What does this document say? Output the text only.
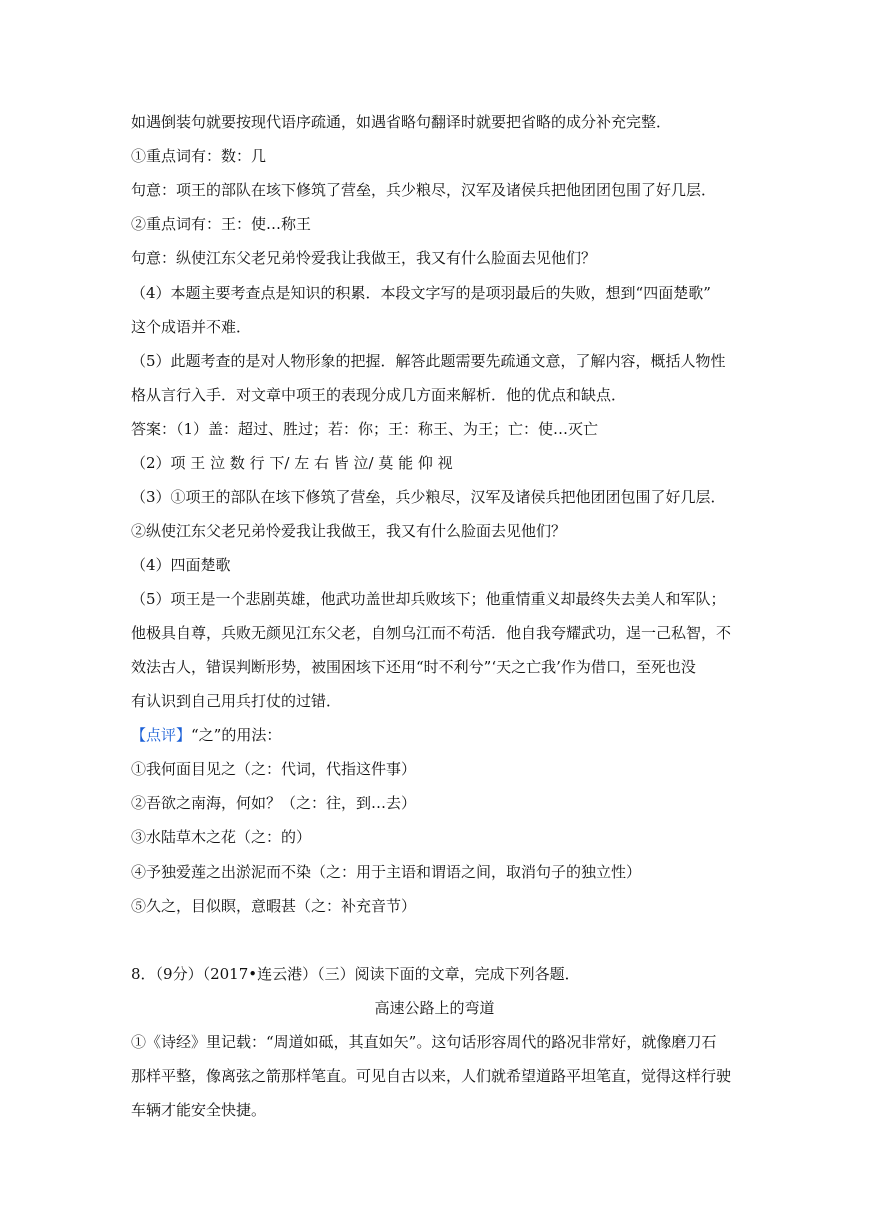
如遇倒装句就要按现代语序疏通，如遇省略句翻译时就要把省略的成分补充完整．
①重点词有：数：几
句意：项王的部队在垓下修筑了营垒，兵少粮尽，汉军及诸侯兵把他团团包围了好几层．
②重点词有：王：使…称王
句意：纵使江东父老兄弟怜爱我让我做王，我又有什么脸面去见他们？
（4）本题主要考查点是知识的积累．本段文字写的是项羽最后的失败，想到“四面楚歌”
这个成语并不难．
（5）此题考查的是对人物形象的把握．解答此题需要先疏通文意，了解内容，概括人物性
格从言行入手．对文章中项王的表现分成几方面来解析．他的优点和缺点．
答案：（1）盖：超过、胜过；若：你；王：称王、为王；亡：使…灭亡
（2）项 王 泣 数 行 下/ 左 右 皆 泣/ 莫 能 仰 视
（3）①项王的部队在垓下修筑了营垒，兵少粮尽，汉军及诸侯兵把他团团包围了好几层．
②纵使江东父老兄弟怜爱我让我做王，我又有什么脸面去见他们？
（4）四面楚歌
（5）项王是一个悲剧英雄，他武功盖世却兵败垓下；他重情重义却最终失去美人和军队；
他极具自尊，兵败无颜见江东父老，自刎乌江而不苟活．他自我夸耀武功，逞一己私智，不
效法古人，错误判断形势，被围困垓下还用“时不利兮”‘天之亡我’作为借口，至死也没
有认识到自己用兵打仗的过错．
【点评】“之”的用法：
①我何面目见之（之：代词，代指这件事）
②吾欲之南海，何如？（之：往，到…去）
③水陆草木之花（之：的）
④予独爱莲之出淤泥而不染（之：用于主语和谓语之间，取消句子的独立性）
⑤久之，目似瞑，意暇甚（之：补充音节）
8．（9分）（2017•连云港）（三）阅读下面的文章，完成下列各题．
高速公路上的弯道
①《诗经》里记载：“周道如砥，其直如矢”。这句话形容周代的路况非常好，就像磨刀石
那样平整，像离弦之箭那样笔直。可见自古以来，人们就希望道路平坦笔直，觉得这样行驶
车辆才能安全快捷。
